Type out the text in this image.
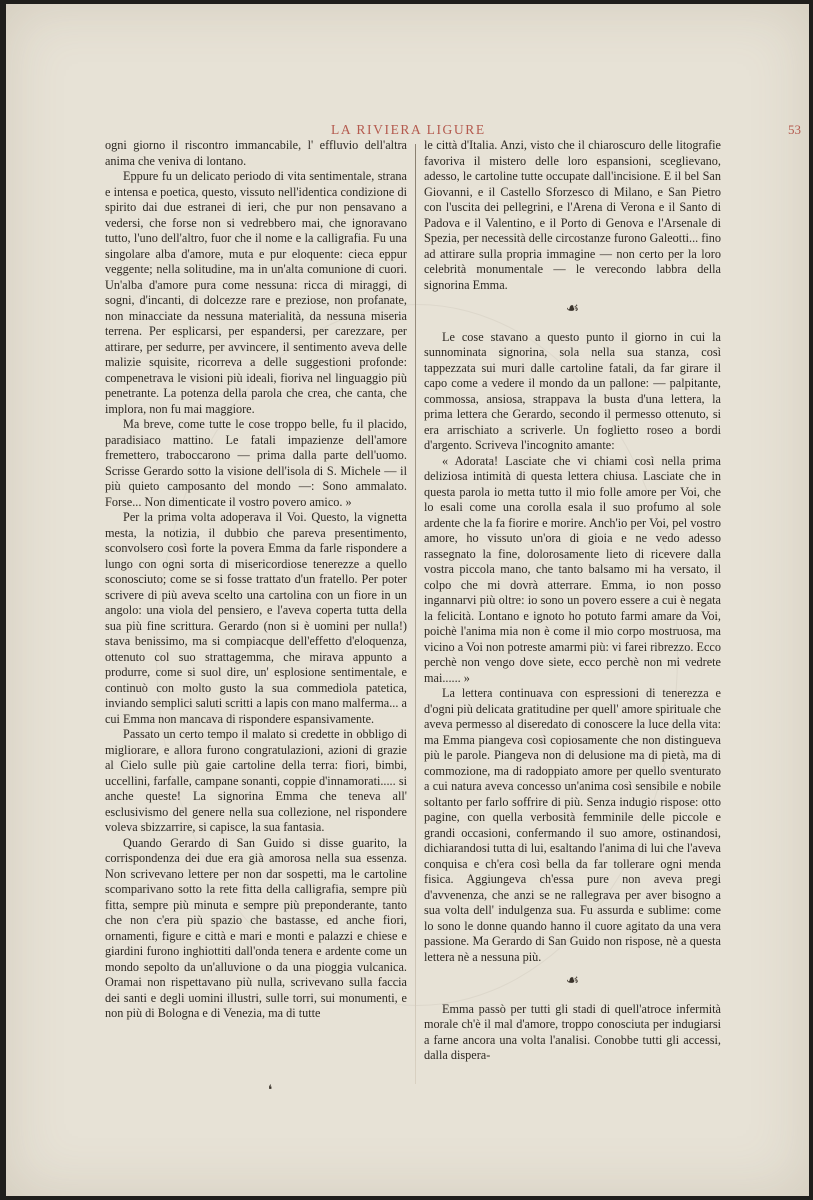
LA RIVIERA LIGURE	53

ogni giorno il riscontro immancabile, l' effluvio dell'altra anima che veniva di lontano.

Eppure fu un delicato periodo di vita sentimentale, strana e intensa e poetica, questo, vissuto nell'identica condizione di spirito dai due estranei di ieri, che pur non pensavano a vedersi, che forse non si vedrebbero mai, che ignoravano tutto, l'uno dell'altro, fuor che il nome e la calligrafia. Fu una singolare alba d'amore, muta e pur eloquente: cieca eppur veggente; nella solitudine, ma in un'alta comunione di cuori. Un'alba d'amore pura come nessuna: ricca di miraggi, di sogni, d'incanti, di dolcezze rare e preziose, non profanate, non minacciate da nessuna materialità, da nessuna miseria terrena. Per esplicarsi, per espandersi, per carezzare, per attirare, per sedurre, per avvincere, il sentimento aveva delle malizie squisite, ricorreva a delle suggestioni profonde: compenetrava le visioni più ideali, fioriva nel linguaggio più penetrante. La potenza della parola che crea, che canta, che implora, non fu mai maggiore.

Ma breve, come tutte le cose troppo belle, fu il placido, paradisiaco mattino. Le fatali impazienze dell'amore fremettero, traboccarono — prima dalla parte dell'uomo. Scrisse Gerardo sotto la visione dell'isola di S. Michele — il più quieto camposanto del mondo —: Sono ammalato. Forse... Non dimenticate il vostro povero amico. »

Per la prima volta adoperava il Voi. Questo, la vignetta mesta, la notizia, il dubbio che pareva presentimento, sconvolsero così forte la povera Emma da farle rispondere a lungo con ogni sorta di misericordiose tenerezze a quello sconosciuto; come se si fosse trattato d'un fratello. Per poter scrivere di più aveva scelto una cartolina con un fiore in un angolo: una viola del pensiero, e l'aveva coperta tutta della sua più fine scrittura. Gerardo (non si è uomini per nulla!) stava benissimo, ma si compiacque dell'effetto d'eloquenza, ottenuto col suo strattagemma, che mirava appunto a produrre, come si suol dire, un' esplosione sentimentale, e continuò con molto gusto la sua commediola patetica, inviando semplici saluti scritti a lapis con mano malferma... a cui Emma non mancava di rispondere espansivamente.

Passato un certo tempo il malato si credette in obbligo di migliorare, e allora furono congratulazioni, azioni di grazie al Cielo sulle più gaie cartoline della terra: fiori, bimbi, uccellini, farfalle, campane sonanti, coppie d'innamorati..... si anche queste! La signorina Emma che teneva all' esclusivismo del genere nella sua collezione, nel rispondere voleva sbizzarrire, si capisce, la sua fantasia.

Quando Gerardo di San Guido si disse guarito, la corrispondenza dei due era già amorosa nella sua essenza. Non scrivevano lettere per non dar sospetti, ma le cartoline scomparivano sotto la rete fitta della calligrafia, sempre più fitta, sempre più minuta e sempre più preponderante, tanto che non c'era più spazio che bastasse, ed anche fiori, ornamenti, figure e città e mari e monti e palazzi e chiese e giardini furono inghiottiti dall'onda tenera e ardente come un mondo sepolto da un'alluvione o da una pioggia vulcanica. Oramai non rispettavano più nulla, scrivevano sulla faccia dei santi e degli uomini illustri, sulle torri, sui monumenti, e non più di Bologna e di Venezia, ma di tutte

le città d'Italia. Anzi, visto che il chiaroscuro delle litografie favoriva il mistero delle loro espansioni, sceglievano, adesso, le cartoline tutte occupate dall'incisione. E il bel San Giovanni, e il Castello Sforzesco di Milano, e San Pietro con l'uscita dei pellegrini, e l'Arena di Verona e il Santo di Padova e il Valentino, e il Porto di Genova e l'Arsenale di Spezia, per necessità delle circostanze furono Galeotti... fino ad attirare sulla propria immagine — non certo per la loro celebrità monumentale — le verecondo labbra della signorina Emma.

☙

Le cose stavano a questo punto il giorno in cui la sunnominata signorina, sola nella sua stanza, così tappezzata sui muri dalle cartoline fatali, da far girare il capo come a vedere il mondo da un pallone: — palpitante, commossa, ansiosa, strappava la busta d'una lettera, la prima lettera che Gerardo, secondo il permesso ottenuto, si era arrischiato a scriverle. Un foglietto roseo a bordi d'argento. Scriveva l'incognito amante:

« Adorata! Lasciate che vi chiami così nella prima deliziosa intimità di questa lettera chiusa. Lasciate che in questa parola io metta tutto il mio folle amore per Voi, che lo esali come una corolla esala il suo profumo al sole ardente che la fa fiorire e morire. Anch'io per Voi, pel vostro amore, ho vissuto un'ora di gioia e ne vedo adesso rassegnato la fine, dolorosamente lieto di ricevere dalla vostra piccola mano, che tanto balsamo mi ha versato, il colpo che mi dovrà atterrare. Emma, io non posso ingannarvi più oltre: io sono un povero essere a cui è negata la felicità. Lontano e ignoto ho potuto farmi amare da Voi, poichè l'anima mia non è come il mio corpo mostruosa, ma vicino a Voi non potreste amarmi più: vi farei ribrezzo. Ecco perchè non vengo dove siete, ecco perchè non mi vedrete mai...... »

La lettera continuava con espressioni di tenerezza e d'ogni più delicata gratitudine per quell' amore spirituale che aveva permesso al diseredato di conoscere la luce della vita: ma Emma piangeva così copiosamente che non distingueva più le parole. Piangeva non di delusione ma di pietà, ma di commozione, ma di radoppiato amore per quello sventurato a cui natura aveva concesso un'anima così sensibile e nobile soltanto per farlo soffrire di più. Senza indugio rispose: otto pagine, con quella verbosità femminile delle piccole e grandi occasioni, confermando il suo amore, ostinandosi, dichiarandosi tutta di lui, esaltando l'anima di lui che l'aveva conquisa e ch'era così bella da far tollerare ogni menda fisica. Aggiungeva ch'essa pure non aveva pregi d'avvenenza, che anzi se ne rallegrava per aver bisogno a sua volta dell' indulgenza sua. Fu assurda e sublime: come lo sono le donne quando hanno il cuore agitato da una vera passione. Ma Gerardo di San Guido non rispose, nè a questa lettera nè a nessuna più.

☙

Emma passò per tutti gli stadi di quell'atroce infermità morale ch'è il mal d'amore, troppo conosciuta per indugiarsi a farne ancora una volta l'analisi. Conobbe tutti gli accessi, dalla dispera-

❛
